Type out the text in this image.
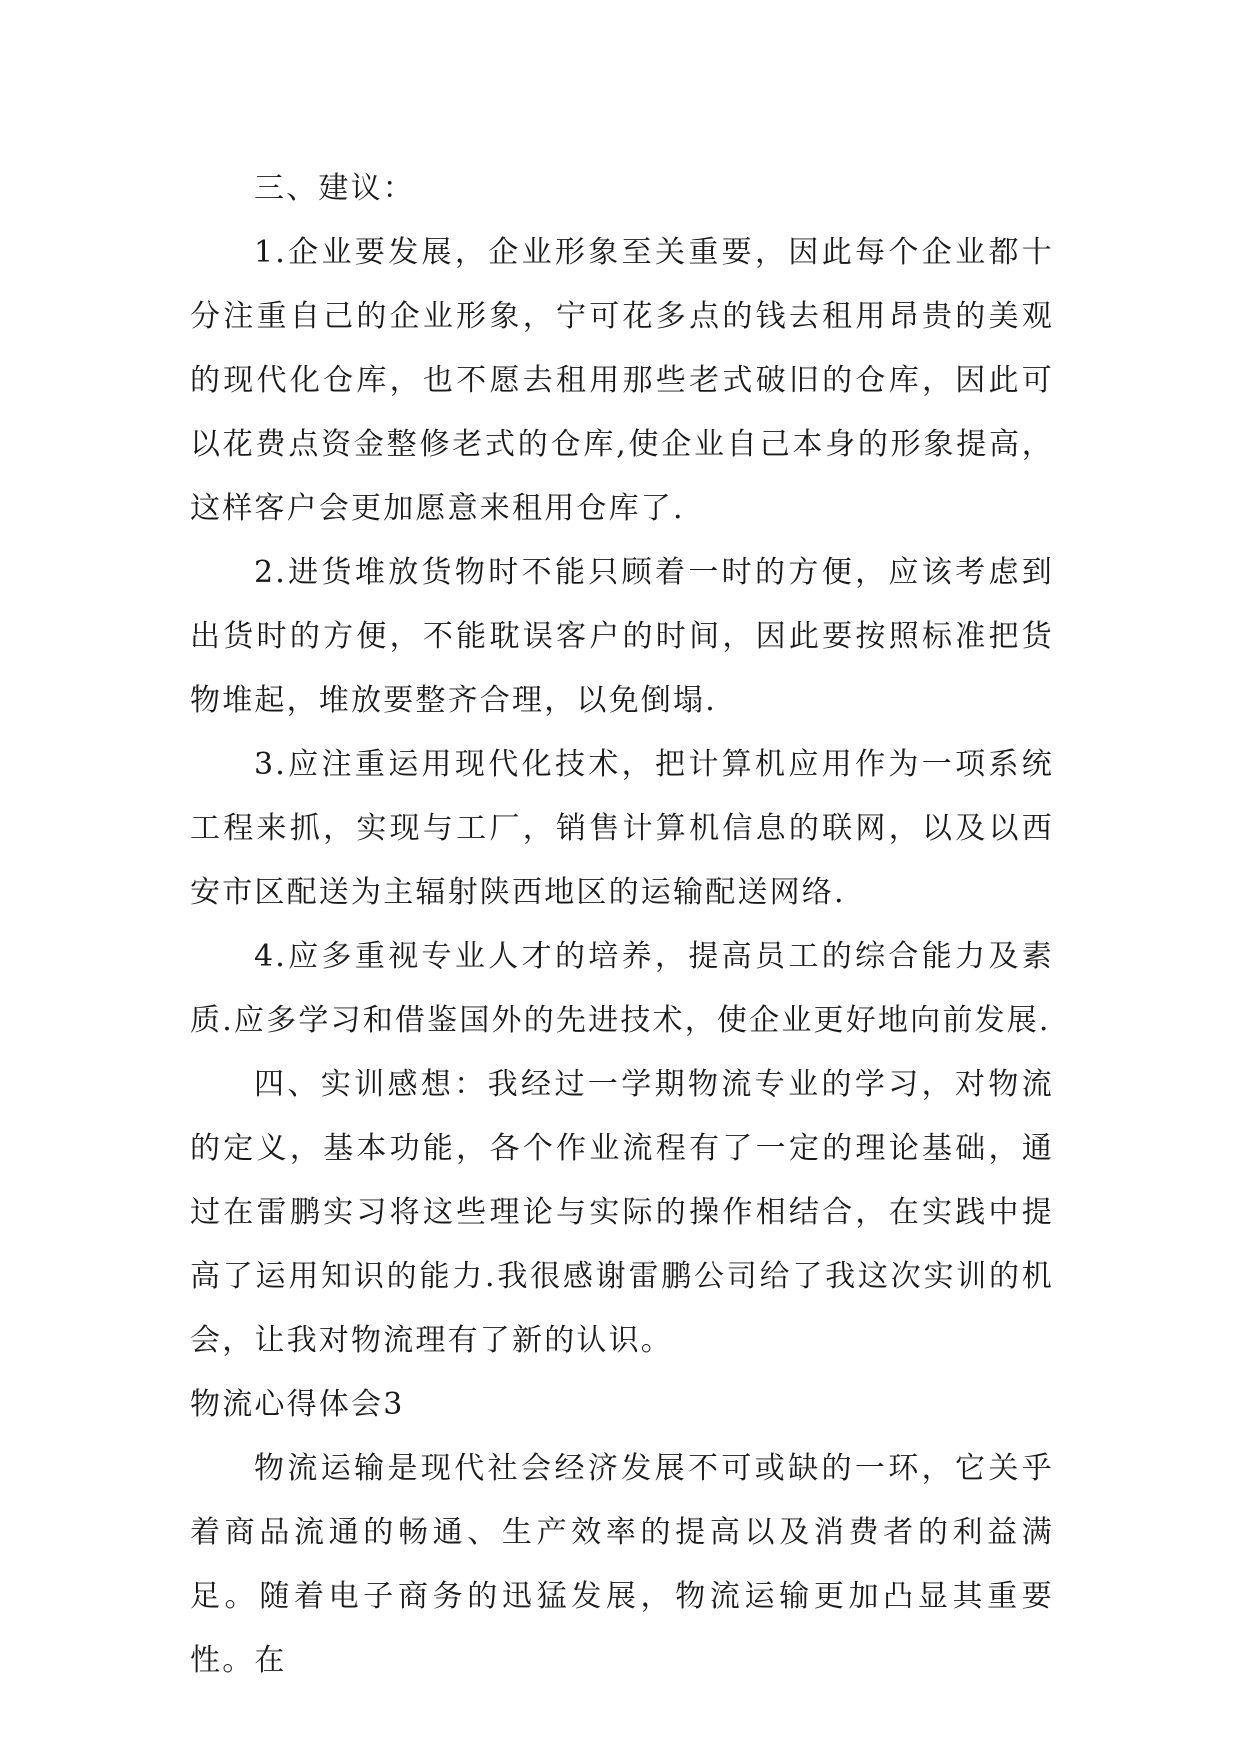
三、建议：

1.企业要发展，企业形象至关重要，因此每个企业都十分注重自己的企业形象，宁可花多点的钱去租用昂贵的美观的现代化仓库，也不愿去租用那些老式破旧的仓库，因此可以花费点资金整修老式的仓库,使企业自己本身的形象提高，这样客户会更加愿意来租用仓库了.

2.进货堆放货物时不能只顾着一时的方便，应该考虑到出货时的方便，不能耽误客户的时间，因此要按照标准把货物堆起，堆放要整齐合理，以免倒塌.

3.应注重运用现代化技术，把计算机应用作为一项系统工程来抓，实现与工厂，销售计算机信息的联网，以及以西安市区配送为主辐射陕西地区的运输配送网络.

4.应多重视专业人才的培养，提高员工的综合能力及素质.应多学习和借鉴国外的先进技术，使企业更好地向前发展.

四、实训感想：我经过一学期物流专业的学习，对物流的定义，基本功能，各个作业流程有了一定的理论基础，通过在雷鹏实习将这些理论与实际的操作相结合，在实践中提高了运用知识的能力.我很感谢雷鹏公司给了我这次实训的机会，让我对物流理有了新的认识。

物流心得体会3

物流运输是现代社会经济发展不可或缺的一环，它关乎着商品流通的畅通、生产效率的提高以及消费者的利益满足。随着电子商务的迅猛发展，物流运输更加凸显其重要性。在
